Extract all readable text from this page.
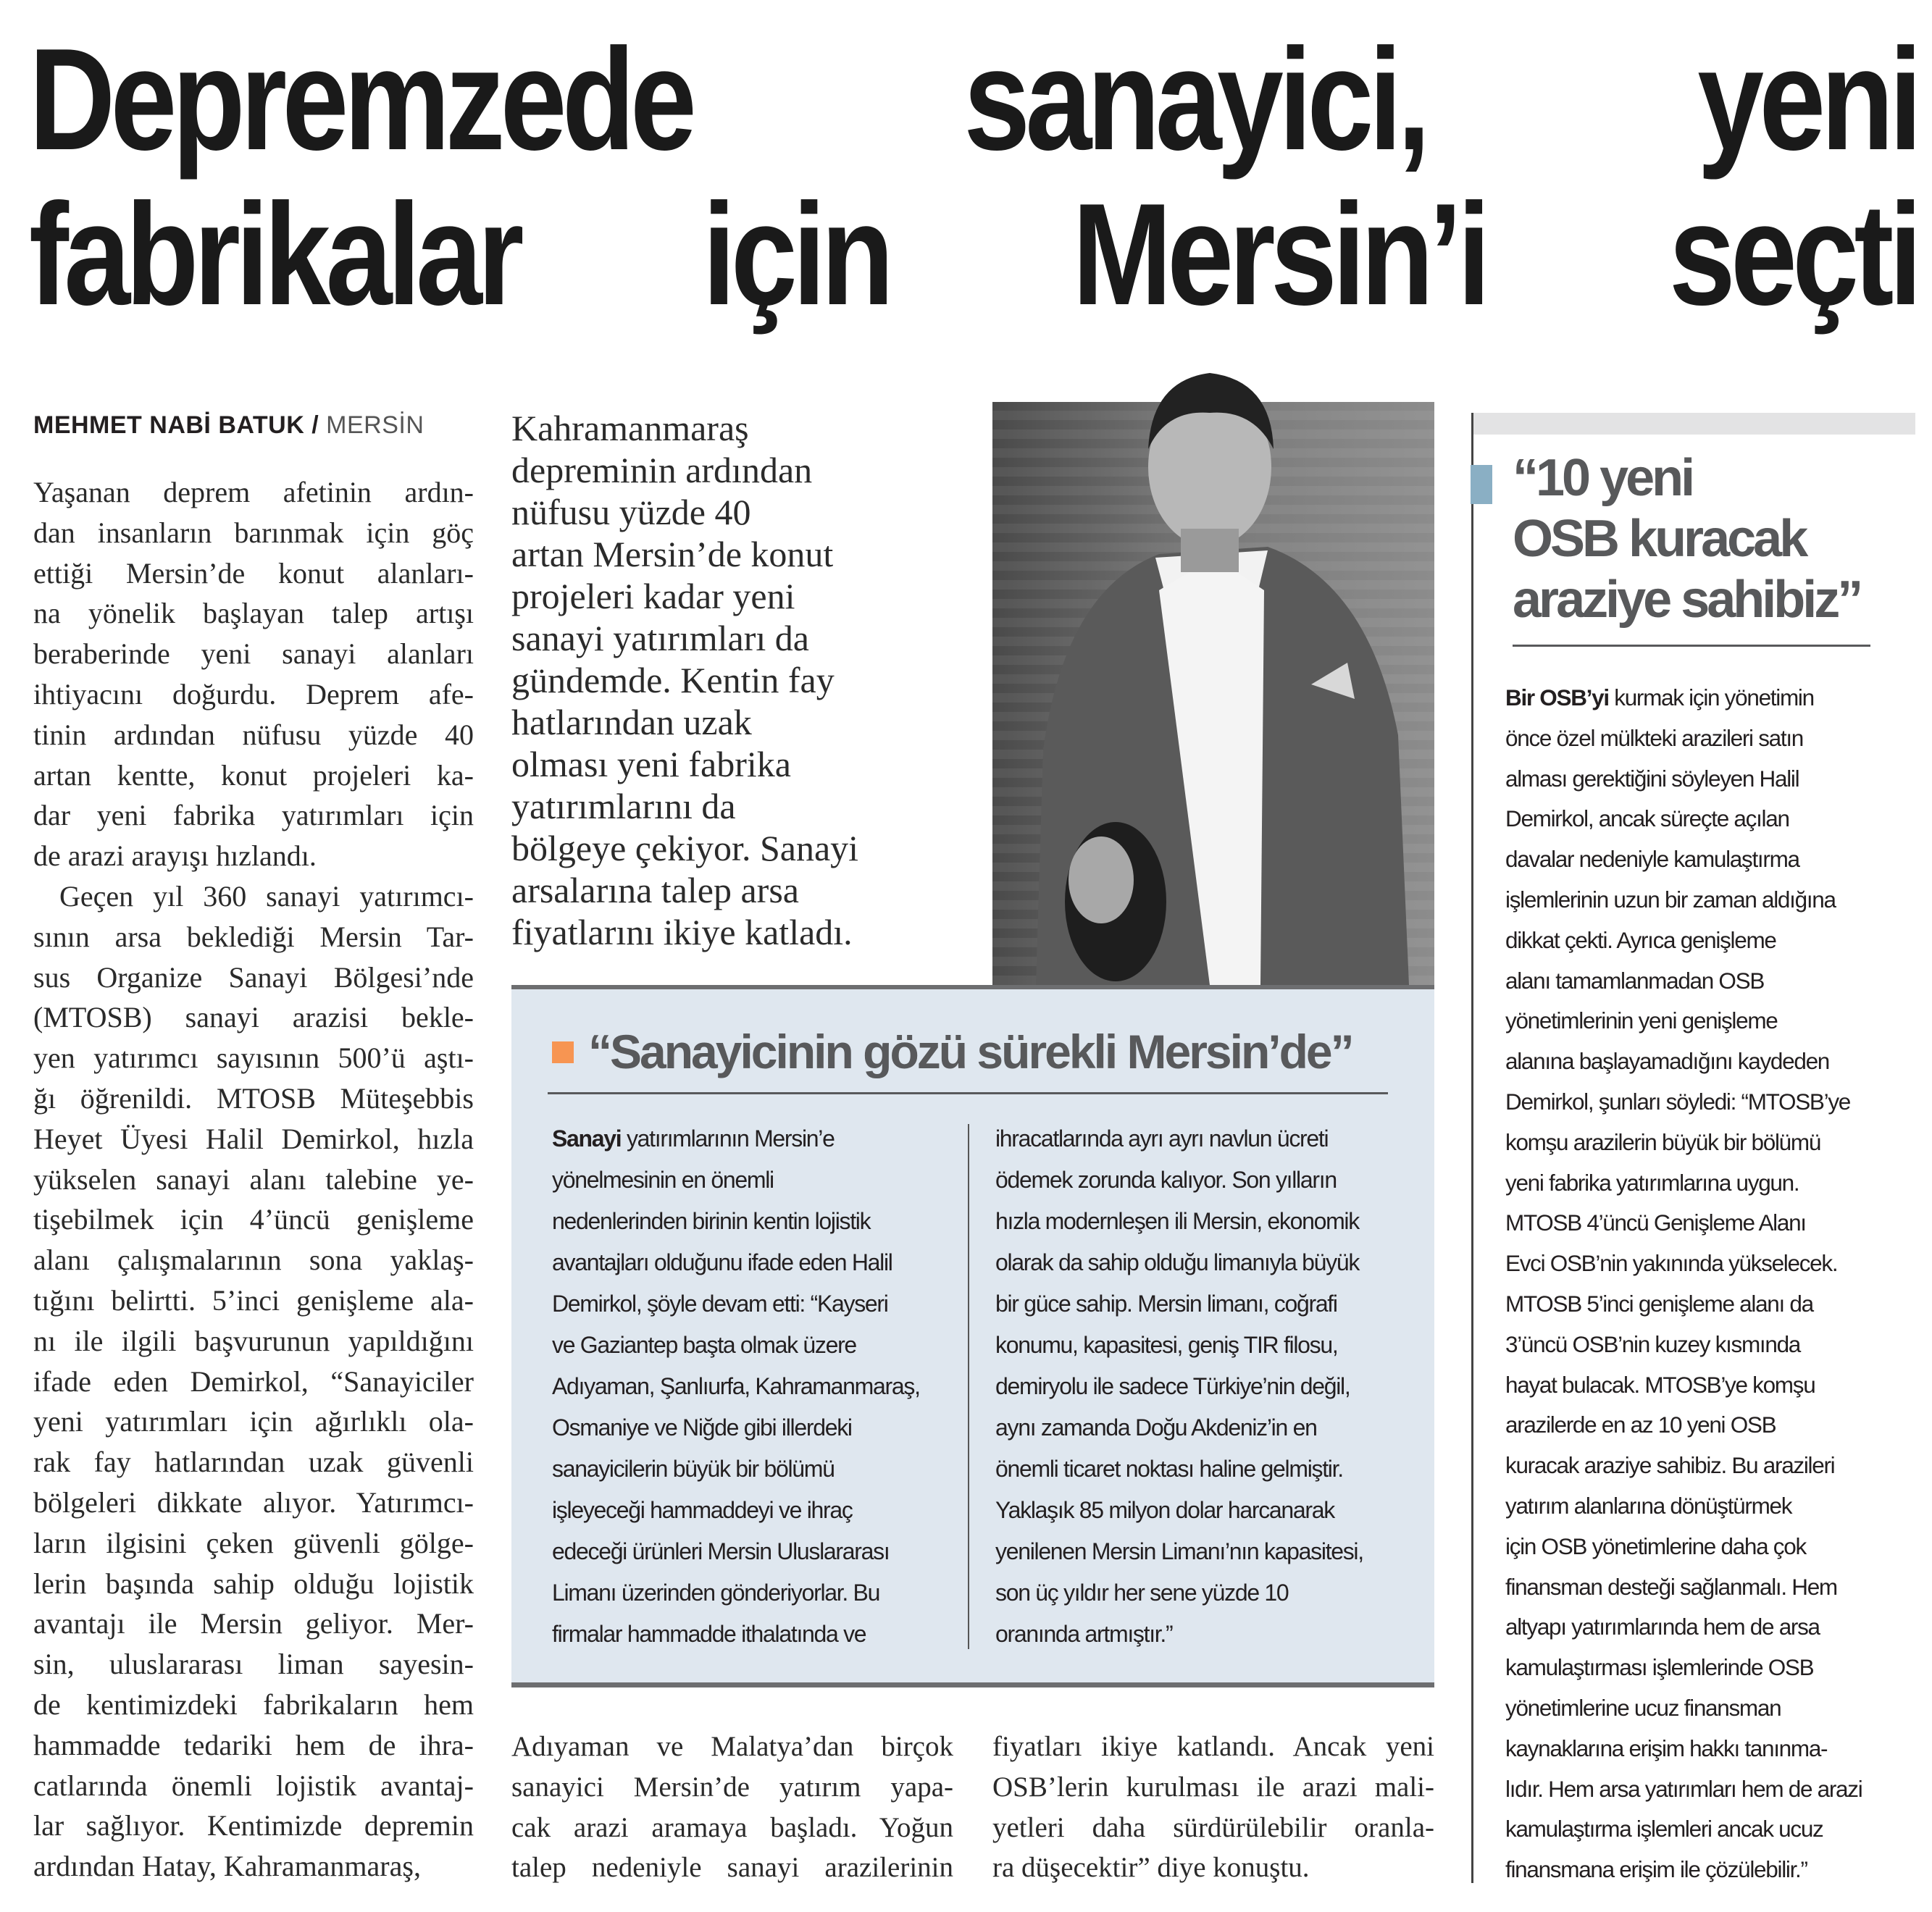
Depremzede sanayici, yeni
fabrikalar için Mersin’i seçti
MEHMET NABİ BATUK / MERSİN
Yaşanan deprem afetinin ardın-
dan insanların barınmak için göç
ettiği Mersin’de konut alanları-
na yönelik başlayan talep artışı
beraberinde yeni sanayi alanları
ihtiyacını doğurdu. Deprem afe-
tinin ardından nüfusu yüzde 40
artan kentte, konut projeleri ka-
dar yeni fabrika yatırımları için
de arazi arayışı hızlandı.
Geçen yıl 360 sanayi yatırımcı-
sının arsa beklediği Mersin Tar-
sus Organize Sanayi Bölgesi’nde
(MTOSB) sanayi arazisi bekle-
yen yatırımcı sayısının 500’ü aştı-
ğı öğrenildi. MTOSB Müteşebbis
Heyet Üyesi Halil Demirkol, hızla
yükselen sanayi alanı talebine ye-
tişebilmek için 4’üncü genişleme
alanı çalışmalarının sona yaklaş-
tığını belirtti. 5’inci genişleme ala-
nı ile ilgili başvurunun yapıldığını
ifade eden Demirkol, “Sanayiciler
yeni yatırımları için ağırlıklı ola-
rak fay hatlarından uzak güvenli
bölgeleri dikkate alıyor. Yatırımcı-
ların ilgisini çeken güvenli gölge-
lerin başında sahip olduğu lojistik
avantajı ile Mersin geliyor. Mer-
sin, uluslararası liman sayesin-
de kentimizdeki fabrikaların hem
hammadde tedariki hem de ihra-
catlarında önemli lojistik avantaj-
lar sağlıyor. Kentimizde depremin
ardından Hatay, Kahramanmaraş,
Kahramanmaraş
depreminin ardından
nüfusu yüzde 40
artan Mersin’de konut
projeleri kadar yeni
sanayi yatırımları da
gündemde. Kentin fay
hatlarından uzak
olması yeni fabrika
yatırımlarını da
bölgeye çekiyor. Sanayi
arsalarına talep arsa
fiyatlarını ikiye katladı.
“Sanayicinin gözü sürekli Mersin’de”
Sanayi yatırımlarının Mersin’e
yönelmesinin en önemli
nedenlerinden birinin kentin lojistik
avantajları olduğunu ifade eden Halil
Demirkol, şöyle devam etti: “Kayseri
ve Gaziantep başta olmak üzere
Adıyaman, Şanlıurfa, Kahramanmaraş,
Osmaniye ve Niğde gibi illerdeki
sanayicilerin büyük bir bölümü
işleyeceği hammaddeyi ve ihraç
edeceği ürünleri Mersin Uluslararası
Limanı üzerinden gönderiyorlar. Bu
firmalar hammadde ithalatında ve
ihracatlarında ayrı ayrı navlun ücreti
ödemek zorunda kalıyor. Son yılların
hızla modernleşen ili Mersin, ekonomik
olarak da sahip olduğu limanıyla büyük
bir güce sahip. Mersin limanı, coğrafi
konumu, kapasitesi, geniş TIR filosu,
demiryolu ile sadece Türkiye’nin değil,
aynı zamanda Doğu Akdeniz’in en
önemli ticaret noktası haline gelmiştir.
Yaklaşık 85 milyon dolar harcanarak
yenilenen Mersin Limanı’nın kapasitesi,
son üç yıldır her sene yüzde 10
oranında artmıştır.”
Adıyaman ve Malatya’dan birçok
sanayici Mersin’de yatırım yapa-
cak arazi aramaya başladı. Yoğun
talep nedeniyle sanayi arazilerinin
fiyatları ikiye katlandı. Ancak yeni
OSB’lerin kurulması ile arazi mali-
yetleri daha sürdürülebilir oranla-
ra düşecektir” diye konuştu.
“10 yeni
OSB kuracak
araziye sahibiz”
Bir OSB’yi kurmak için yönetimin
önce özel mülkteki arazileri satın
alması gerektiğini söyleyen Halil
Demirkol, ancak süreçte açılan
davalar nedeniyle kamulaştırma
işlemlerinin uzun bir zaman aldığına
dikkat çekti. Ayrıca genişleme
alanı tamamlanmadan OSB
yönetimlerinin yeni genişleme
alanına başlayamadığını kaydeden
Demirkol, şunları söyledi: “MTOSB’ye
komşu arazilerin büyük bir bölümü
yeni fabrika yatırımlarına uygun.
MTOSB 4’üncü Genişleme Alanı
Evci OSB’nin yakınında yükselecek.
MTOSB 5’inci genişleme alanı da
3’üncü OSB’nin kuzey kısmında
hayat bulacak. MTOSB’ye komşu
arazilerde en az 10 yeni OSB
kuracak araziye sahibiz. Bu arazileri
yatırım alanlarına dönüştürmek
için OSB yönetimlerine daha çok
finansman desteği sağlanmalı. Hem
altyapı yatırımlarında hem de arsa
kamulaştırması işlemlerinde OSB
yönetimlerine ucuz finansman
kaynaklarına erişim hakkı tanınma-
lıdır. Hem arsa yatırımları hem de arazi
kamulaştırma işlemleri ancak ucuz
finansmana erişim ile çözülebilir.”
